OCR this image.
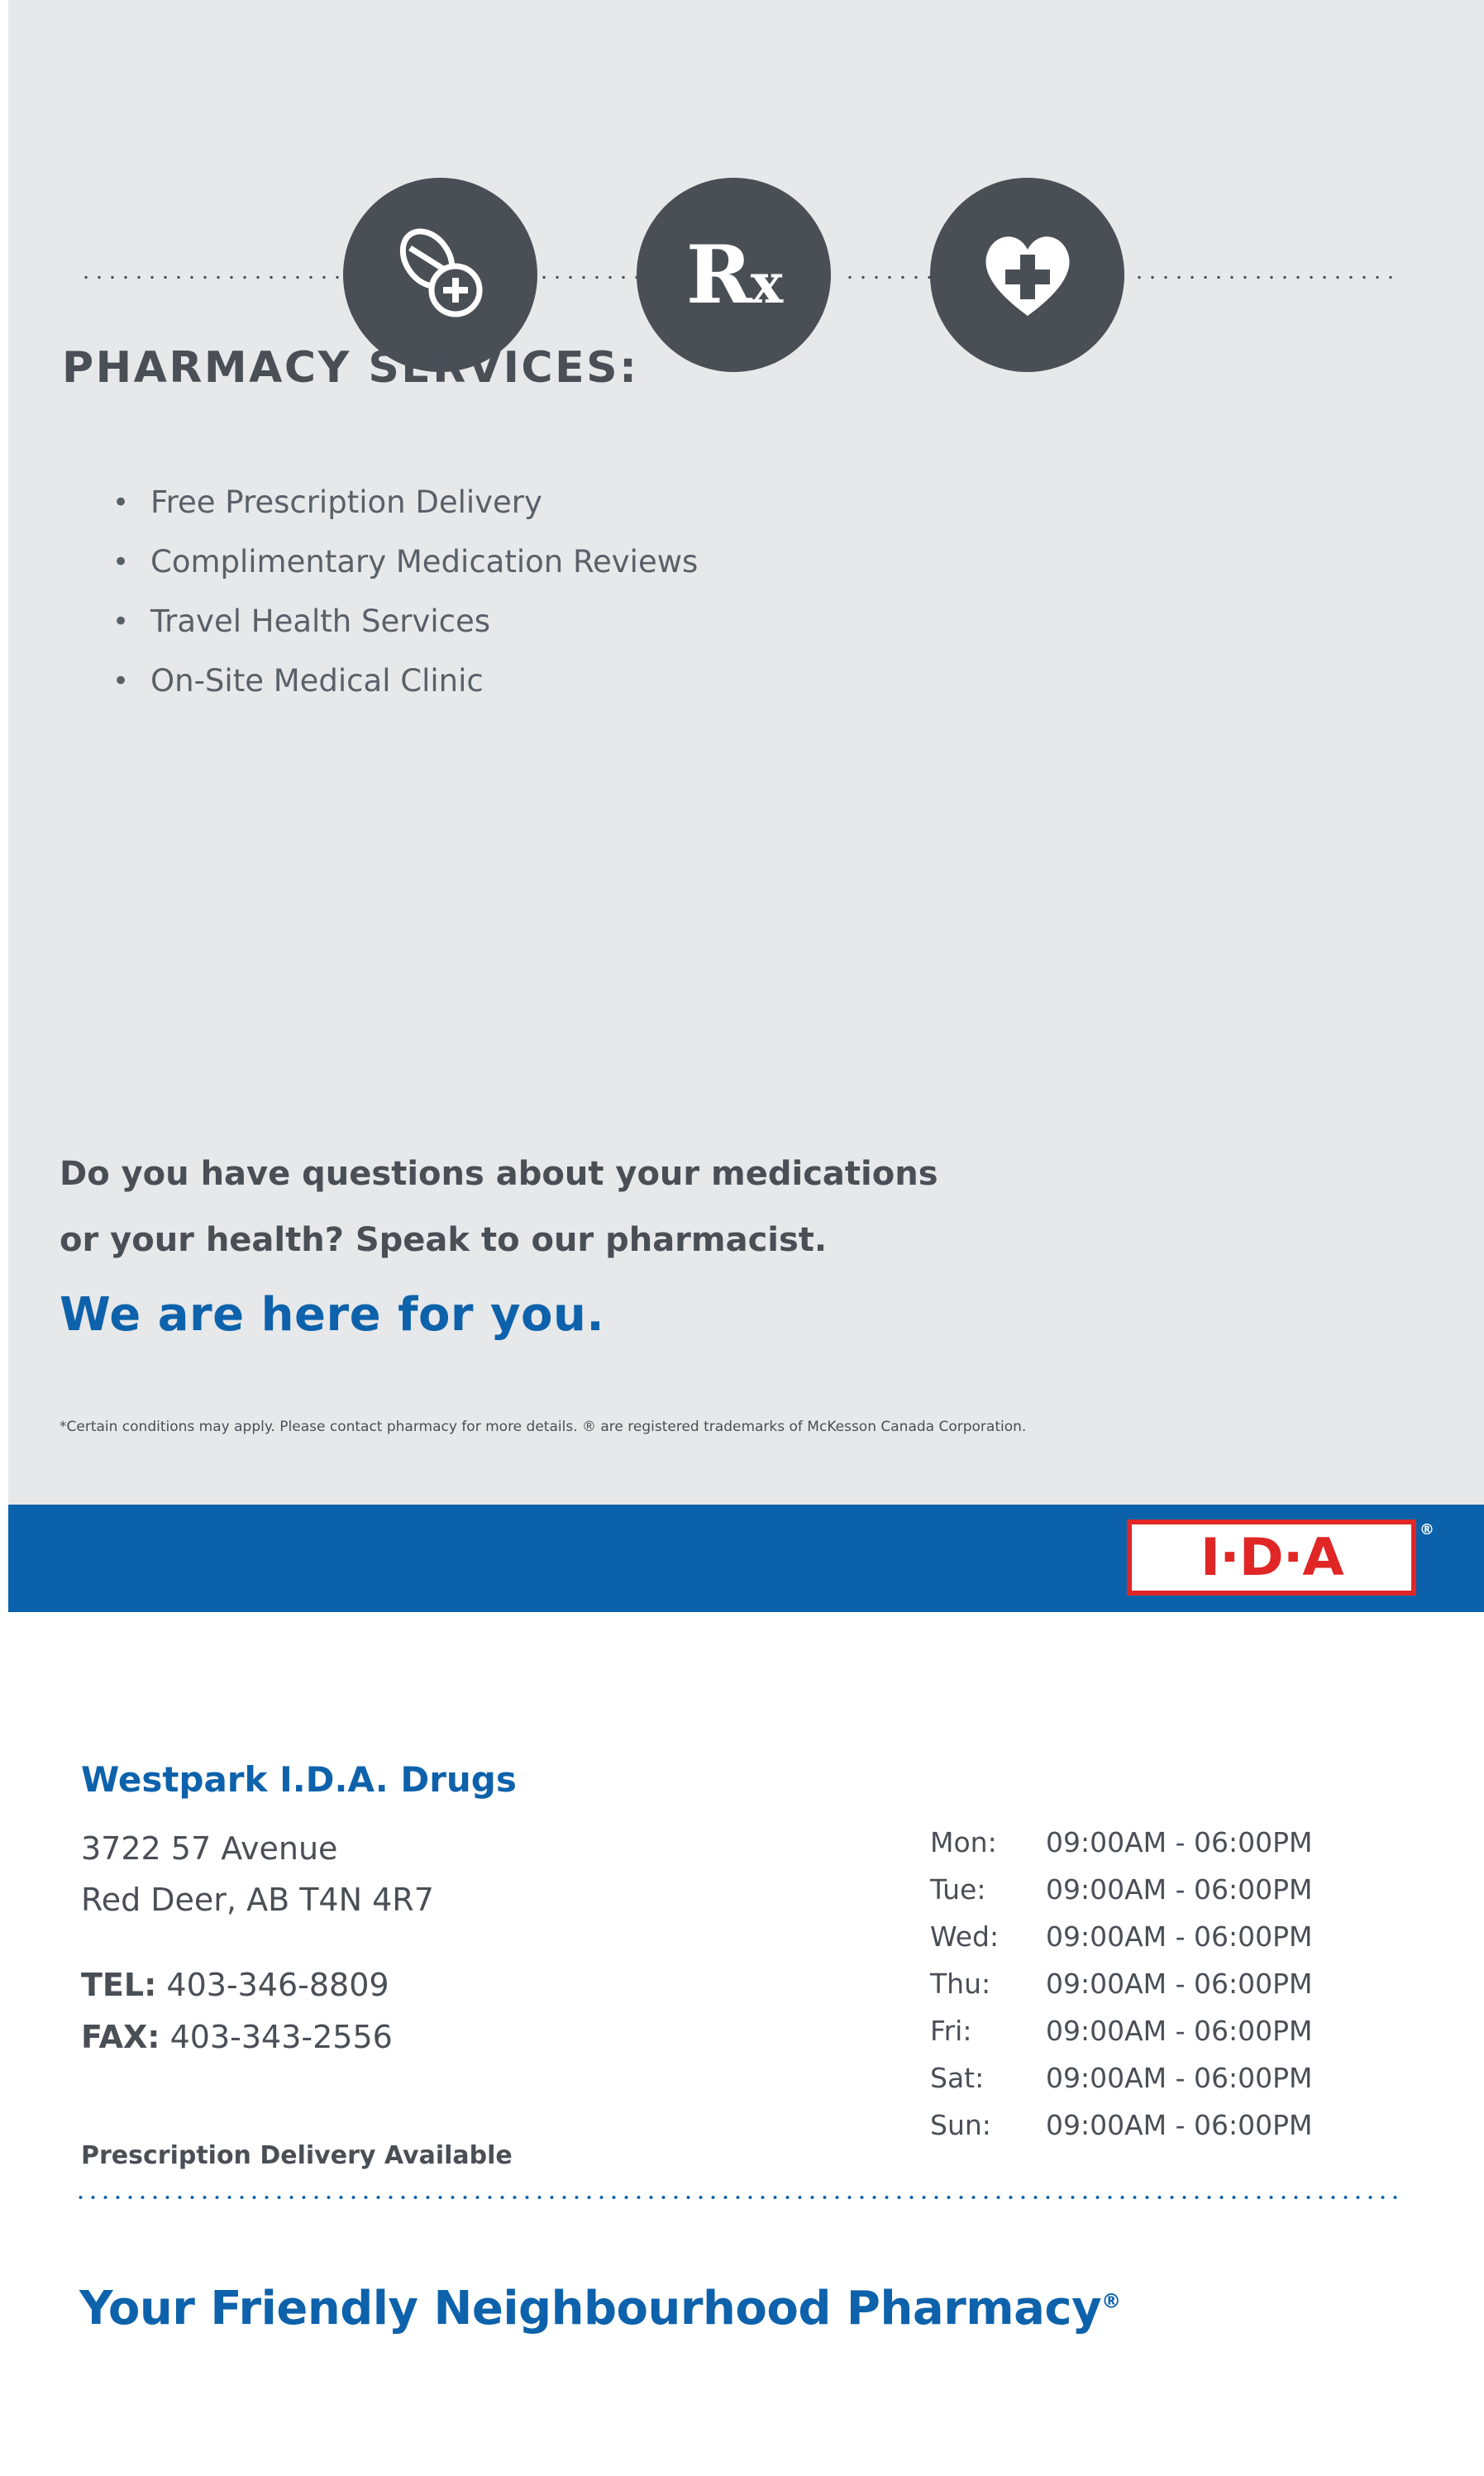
Rx
PHARMACY SERVICES:
• Free Prescription Delivery
• Complimentary Medication Reviews
• Travel Health Services
• On-Site Medical Clinic
Do you have questions about your medications
or your health? Speak to our pharmacist.
We are here for you.
*Certain conditions may apply. Please contact pharmacy for more details. ® are registered trademarks of McKesson Canada Corporation.
I·D·A	®
Westpark I.D.A. Drugs
3722 57 Avenue
Red Deer, AB T4N 4R7
TEL: 403-346-8809
FAX: 403-343-2556
Prescription Delivery Available
Mon:	09:00AM - 06:00PM
Tue:	09:00AM - 06:00PM
Wed:	09:00AM - 06:00PM
Thu:	09:00AM - 06:00PM
Fri:	09:00AM - 06:00PM
Sat:	09:00AM - 06:00PM
Sun:	09:00AM - 06:00PM
Your Friendly Neighbourhood Pharmacy®
